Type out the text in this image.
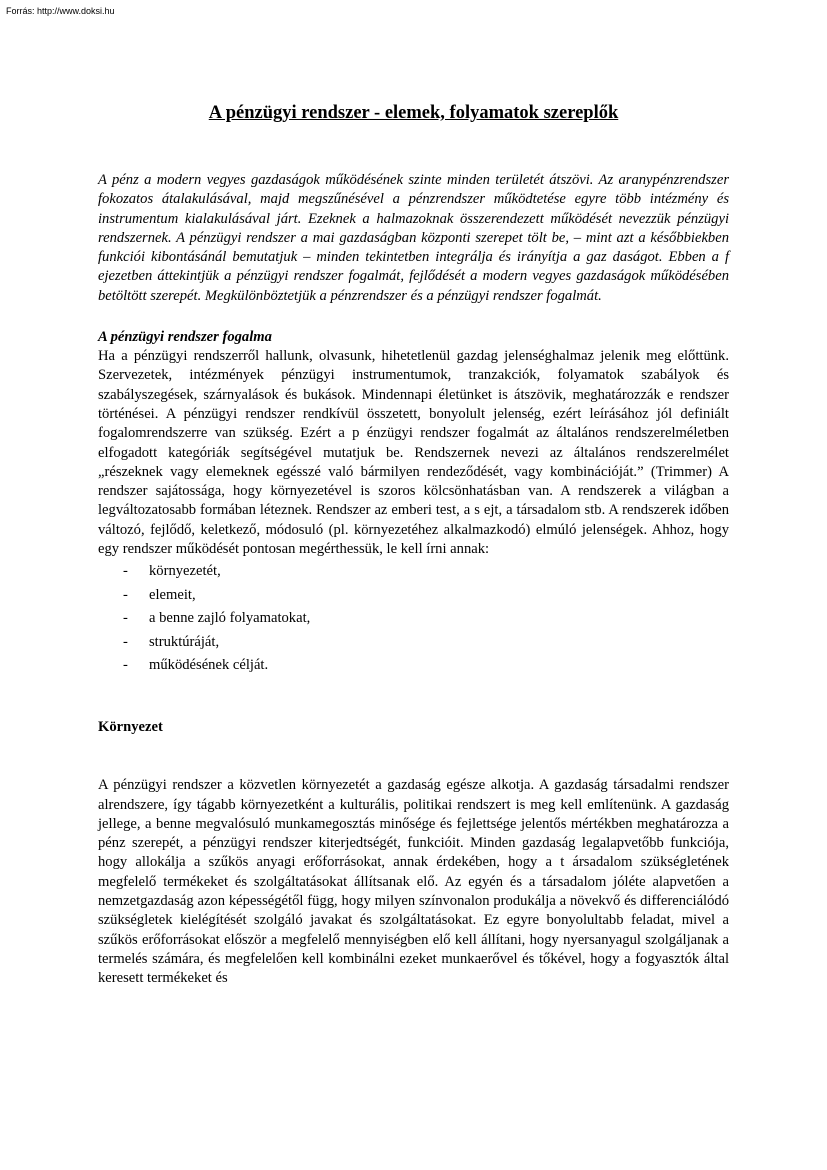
Forrás: http://www.doksi.hu
A pénzügyi rendszer - elemek, folyamatok szereplők

A pénz a modern vegyes gazdaságok működésének szinte minden területét átszövi. Az aranypénzrendszer fokozatos átalakulásával, majd megszűnésével a pénzrendszer működtetése egyre több intézmény és instrumentum kialakulásával járt. Ezeknek a halmazoknak összerendezett működését nevezzük pénzügyi rendszernek. A pénzügyi rendszer a mai gazdaságban központi szerepet tölt be, – mint azt a későbbiekben funkciói kibontásánál bemutatjuk – minden tekintetben integrálja és irányítja a gaz daságot. Ebben a f ejezetben áttekintjük a pénzügyi rendszer fogalmát, fejlődését a modern vegyes gazdaságok működésében betöltött szerepét. Megkülönböztetjük a pénzrendszer és a pénzügyi rendszer fogalmát.

A pénzügyi rendszer fogalma

Ha a pénzügyi rendszerről hallunk, olvasunk, hihetetlenül gazdag jelenséghalmaz jelenik meg előttünk. Szervezetek, intézmények pénzügyi instrumentumok, tranzakciók, folyamatok szabályok és szabályszegések, szárnyalások és bukások. Mindennapi életünket is átszövik, meghatározzák e rendszer történései. A pénzügyi rendszer rendkívül összetett, bonyolult jelenség, ezért leírásához jól definiált fogalomrendszerre van szükség. Ezért a p énzügyi rendszer fogalmát az általános rendszerelméletben elfogadott kategóriák segítségével mutatjuk be. Rendszernek nevezi az általános rendszerelmélet „részeknek vagy elemeknek egésszé való bármilyen rendeződését, vagy kombinációját.” (Trimmer) A rendszer sajátossága, hogy környezetével is szoros kölcsönhatásban van. A rendszerek a világban a legváltozatosabb formában léteznek. Rendszer az emberi test, a s ejt, a társadalom stb. A rendszerek időben változó, fejlődő, keletkező, módosuló (pl. környezetéhez alkalmazkodó) elmúló jelenségek. Ahhoz, hogy egy rendszer működését pontosan megérthessük, le kell írni annak:

- környezetét,
- elemeit,
- a benne zajló folyamatokat,
- struktúráját,
- működésének célját.
Környezet

A pénzügyi rendszer a közvetlen környezetét a gazdaság egésze alkotja. A gazdaság társadalmi rendszer alrendszere, így tágabb környezetként a kulturális, politikai rendszert is meg kell említenünk. A gazdaság jellege, a benne megvalósuló munkamegosztás minősége és fejlettsége jelentős mértékben meghatározza a pénz szerepét, a pénzügyi rendszer kiterjedtségét, funkcióit. Minden gazdaság legalapvetőbb funkciója, hogy allokálja a szűkös anyagi erőforrásokat, annak érdekében, hogy a t ársadalom szükségletének megfelelő termékeket és szolgáltatásokat állítsanak elő. Az egyén és a társadalom jóléte alapvetően a nemzetgazdaság azon képességétől függ, hogy milyen színvonalon produkálja a növekvő és differenciálódó szükségletek kielégítését szolgáló javakat és szolgáltatásokat. Ez egyre bonyolultabb feladat, mivel a szűkös erőforrásokat először a megfelelő mennyiségben elő kell állítani, hogy nyersanyagul szolgáljanak a termelés számára, és megfelelően kell kombinálni ezeket munkaerővel és tőkével, hogy a fogyasztók által keresett termékeket és
